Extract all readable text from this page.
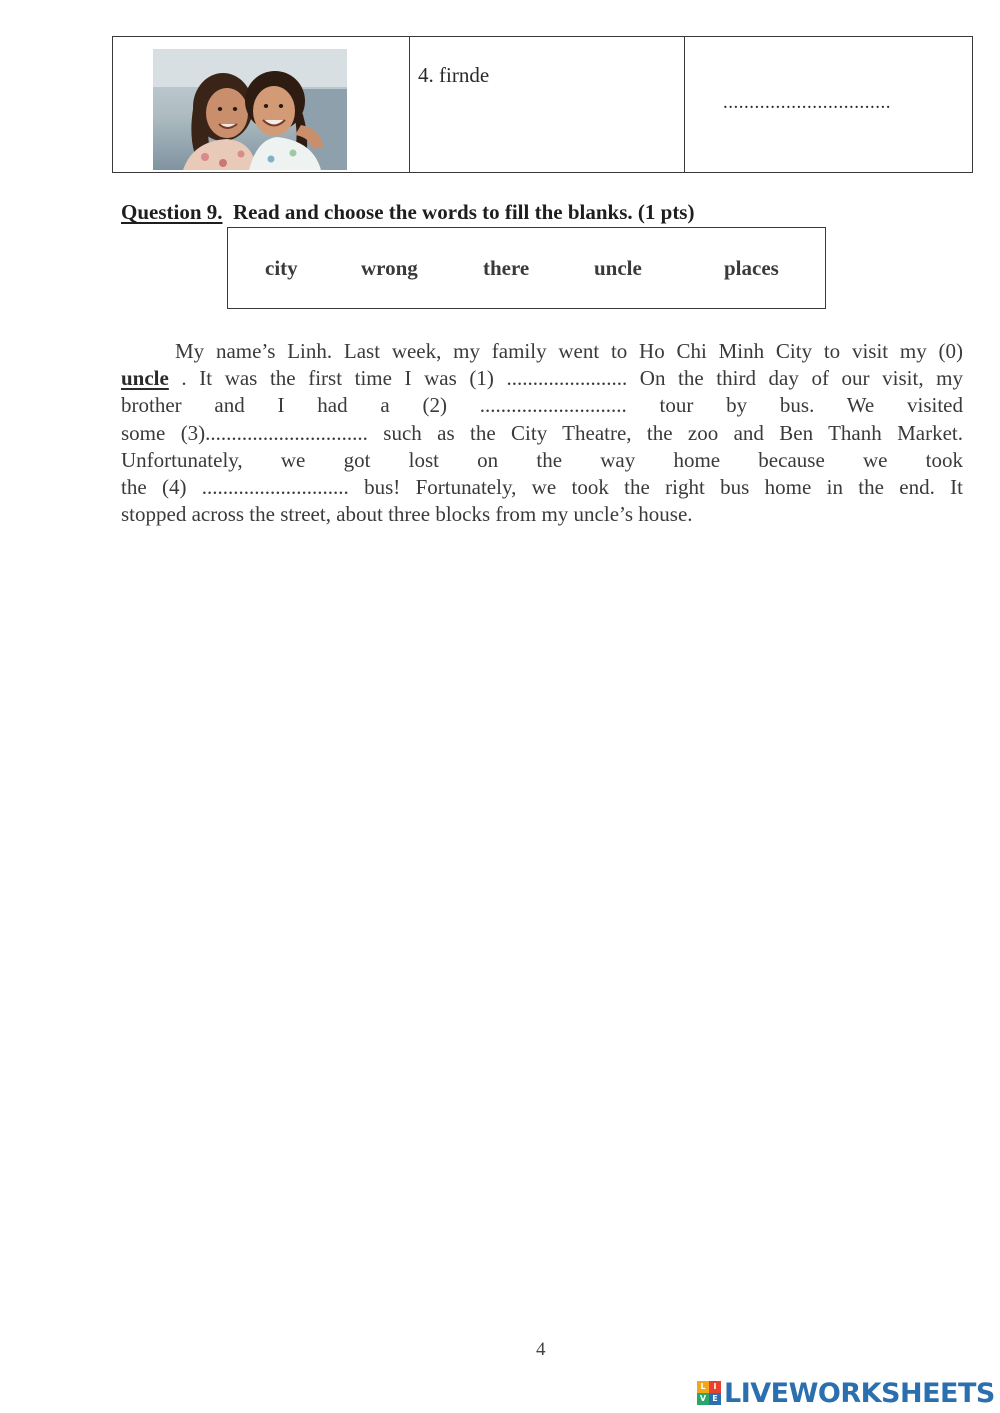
4. firnde
................................
Question 9.  Read and choose the words to fill the blanks. (1 pts)
city	wrong	there	uncle	places
My name’s Linh. Last week, my family went to Ho Chi Minh City to visit my (0)
uncle . It was the first time I was (1) ....................... On the third day of our visit, my
brother and I had a (2) ............................ tour by bus. We visited
some (3)............................... such as the City Theatre, the zoo and Ben Thanh Market.
Unfortunately, we got lost on the way home because we took
the (4) ............................ bus! Fortunately, we took the right bus home in the end. It
stopped across the street, about three blocks from my uncle’s house.
4
L I
V E LIVEWORKSHEETS
